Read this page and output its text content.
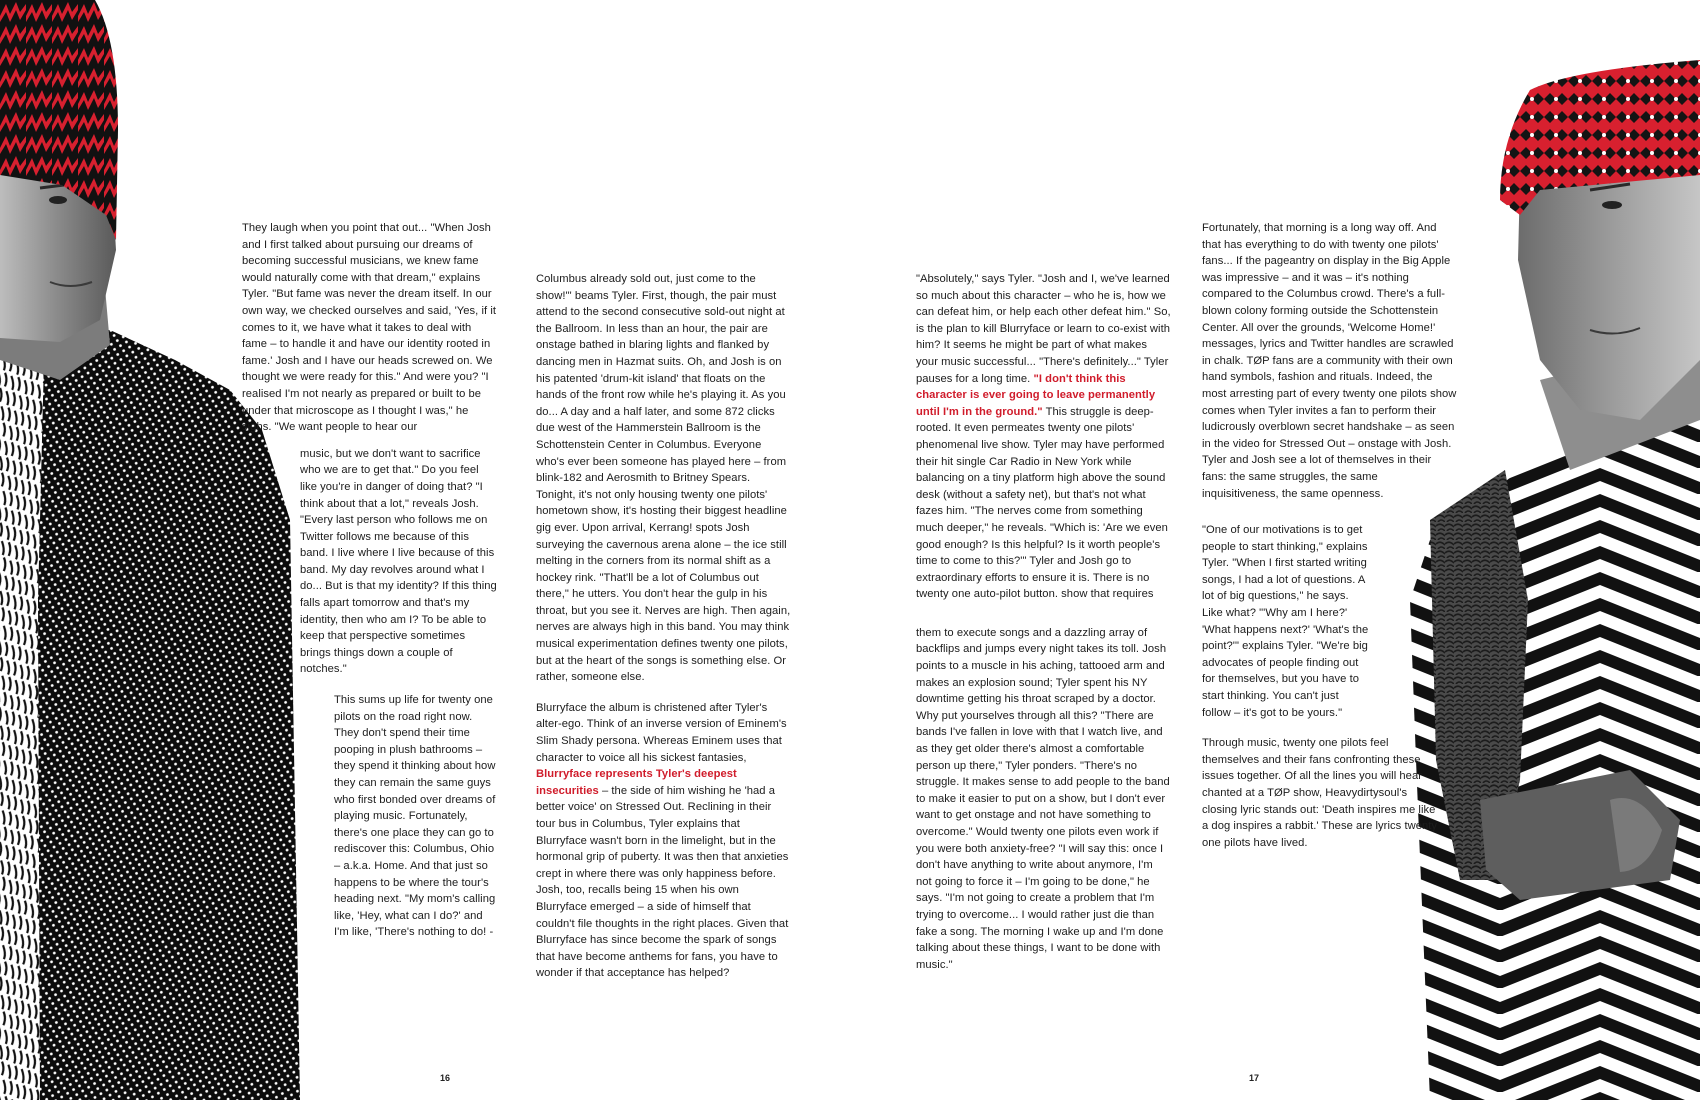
They laugh when you point that out... "When Josh and I first talked about pursuing our dreams of becoming successful musicians, we knew fame would naturally come with that dream," explains Tyler. "But fame was never the dream itself. In our own way, we checked ourselves and said, 'Yes, if it comes to it, we have what it takes to deal with fame – to handle it and have our identity rooted in fame.' Josh and I have our heads screwed on. We thought we were ready for this." And were you? "I realised I'm not nearly as prepared or built to be under that microscope as I thought I was," he sighs. "We want people to hear our

music, but we don't want to sacrifice who we are to get that." Do you feel like you're in danger of doing that? "I think about that a lot," reveals Josh. "Every last person who follows me on Twitter follows me because of this band. I live where I live because of this band. My day revolves around what I do... But is that my identity? If this thing falls apart tomorrow and that's my identity, then who am I? To be able to keep that perspective sometimes brings things down a couple of notches."

This sums up life for twenty one pilots on the road right now. They don't spend their time pooping in plush bathrooms – they spend it thinking about how they can remain the same guys who first bonded over dreams of playing music. Fortunately, there's one place they can go to rediscover this: Columbus, Ohio – a.k.a. Home. And that just so happens to be where the tour's heading next. "My mom's calling like, 'Hey, what can I do?' and I'm like, 'There's nothing to do! -

Columbus already sold out, just come to the show!'" beams Tyler. First, though, the pair must attend to the second consecutive sold-out night at the Ballroom. In less than an hour, the pair are onstage bathed in blaring lights and flanked by dancing men in Hazmat suits. Oh, and Josh is on his patented 'drum-kit island' that floats on the hands of the front row while he's playing it. As you do... A day and a half later, and some 872 clicks due west of the Hammerstein Ballroom is the Schottenstein Center in Columbus. Everyone who's ever been someone has played here – from blink-182 and Aerosmith to Britney Spears. Tonight, it's not only housing twenty one pilots' hometown show, it's hosting their biggest headline gig ever. Upon arrival, Kerrang! spots Josh surveying the cavernous arena alone – the ice still melting in the corners from its normal shift as a hockey rink. "That'll be a lot of Columbus out there," he utters. You don't hear the gulp in his throat, but you see it. Nerves are high. Then again, nerves are always high in this band. You may think musical experimentation defines twenty one pilots, but at the heart of the songs is something else. Or rather, someone else.

Blurryface the album is christened after Tyler's alter-ego. Think of an inverse version of Eminem's Slim Shady persona. Whereas Eminem uses that character to voice all his sickest fantasies, Blurryface represents Tyler's deepest insecurities – the side of him wishing he 'had a better voice' on Stressed Out. Reclining in their tour bus in Columbus, Tyler explains that Blurryface wasn't born in the limelight, but in the hormonal grip of puberty. It was then that anxieties crept in where there was only happiness before. Josh, too, recalls being 15 when his own Blurryface emerged – a side of himself that couldn't file thoughts in the right places. Given that Blurryface has since become the spark of songs that have become anthems for fans, you have to wonder if that acceptance has helped?

"Absolutely," says Tyler. "Josh and I, we've learned so much about this character – who he is, how we can defeat him, or help each other defeat him." So, is the plan to kill Blurryface or learn to co-exist with him? It seems he might be part of what makes your music successful... "There's definitely..." Tyler pauses for a long time. "I don't think this character is ever going to leave permanently until I'm in the ground." This struggle is deep-rooted. It even permeates twenty one pilots' phenomenal live show. Tyler may have performed their hit single Car Radio in New York while balancing on a tiny platform high above the sound desk (without a safety net), but that's not what fazes him. "The nerves come from something much deeper," he reveals. "Which is: 'Are we even good enough? Is this helpful? Is it worth people's time to come to this?'" Tyler and Josh go to extraordinary efforts to ensure it is. There is no twenty one auto-pilot button. show that requires

them to execute songs and a dazzling array of backflips and jumps every night takes its toll. Josh points to a muscle in his aching, tattooed arm and makes an explosion sound; Tyler spent his NY downtime getting his throat scraped by a doctor. Why put yourselves through all this? "There are bands I've fallen in love with that I watch live, and as they get older there's almost a comfortable person up there," Tyler ponders. "There's no struggle. It makes sense to add people to the band to make it easier to put on a show, but I don't ever want to get onstage and not have something to overcome." Would twenty one pilots even work if you were both anxiety-free? "I will say this: once I don't have anything to write about anymore, I'm not going to force it – I'm going to be done," he says. "I'm not going to create a problem that I'm trying to overcome... I would rather just die than fake a song. The morning I wake up and I'm done talking about these things, I want to be done with music."

Fortunately, that morning is a long way off. And that has everything to do with twenty one pilots' fans... If the pageantry on display in the Big Apple was impressive – and it was – it's nothing compared to the Columbus crowd. There's a full-blown colony forming outside the Schottenstein Center. All over the grounds, 'Welcome Home!' messages, lyrics and Twitter handles are scrawled in chalk. TØP fans are a community with their own hand symbols, fashion and rituals. Indeed, the most arresting part of every twenty one pilots show comes when Tyler invites a fan to perform their ludicrously overblown secret handshake – as seen in the video for Stressed Out – onstage with Josh. Tyler and Josh see a lot of themselves in their fans: the same struggles, the same inquisitiveness, the same openness.

"One of our motivations is to get people to start thinking," explains Tyler. "When I first started writing songs, I had a lot of questions. A lot of big questions," he says. Like what? "'Why am I here?' 'What happens next?' 'What's the point?'" explains Tyler. "We're big advocates of people finding out for themselves, but you have to start thinking. You can't just follow – it's got to be yours."

Through music, twenty one pilots feel themselves and their fans confronting these issues together. Of all the lines you will hear chanted at a TØP show, Heavydirtysoul's closing lyric stands out: 'Death inspires me like a dog inspires a rabbit.' These are lyrics twenty one pilots have lived.

16	17
